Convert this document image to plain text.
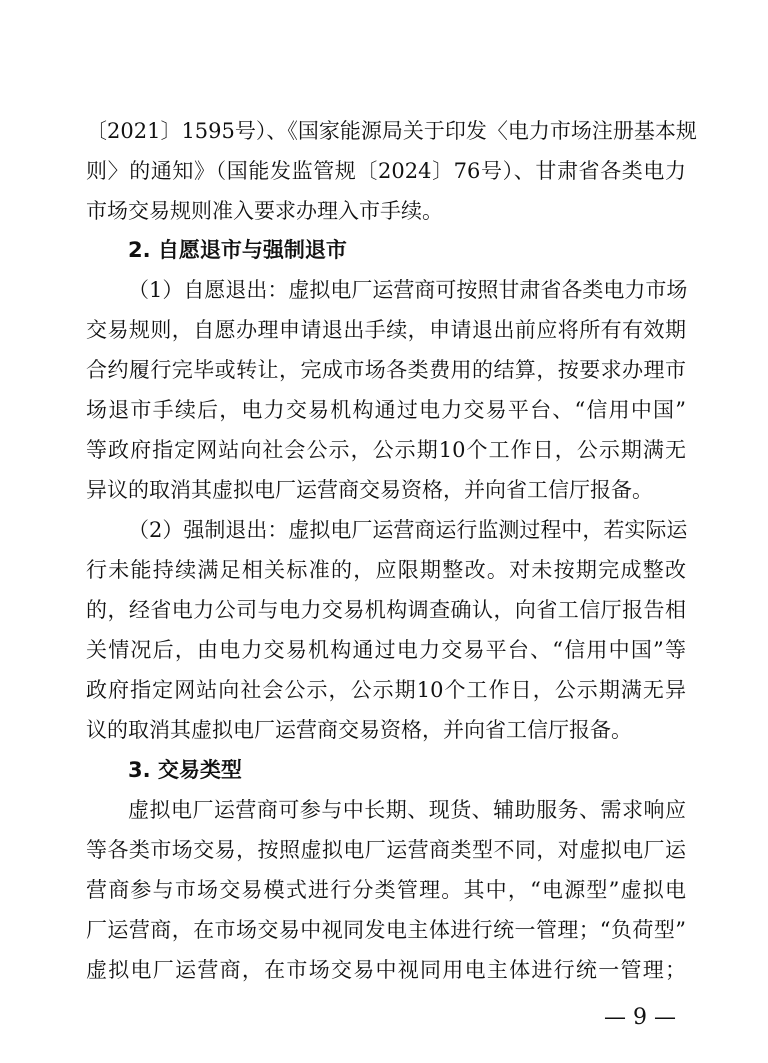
〔2021〕1595号）、《国家能源局关于印发〈电力市场注册基本规
则〉的通知》（国能发监管规〔2024〕76号）、甘肃省各类电力
市场交易规则准入要求办理入市手续。
2. 自愿退市与强制退市
（1）自愿退出：虚拟电厂运营商可按照甘肃省各类电力市场
交易规则，自愿办理申请退出手续，申请退出前应将所有有效期
合约履行完毕或转让，完成市场各类费用的结算，按要求办理市
场退市手续后，电力交易机构通过电力交易平台、“信用中国”
等政府指定网站向社会公示，公示期10个工作日，公示期满无
异议的取消其虚拟电厂运营商交易资格，并向省工信厅报备。
（2）强制退出：虚拟电厂运营商运行监测过程中，若实际运
行未能持续满足相关标准的，应限期整改。对未按期完成整改
的，经省电力公司与电力交易机构调查确认，向省工信厅报告相
关情况后，由电力交易机构通过电力交易平台、“信用中国”等
政府指定网站向社会公示，公示期10个工作日，公示期满无异
议的取消其虚拟电厂运营商交易资格，并向省工信厅报备。
3. 交易类型
虚拟电厂运营商可参与中长期、现货、辅助服务、需求响应
等各类市场交易，按照虚拟电厂运营商类型不同，对虚拟电厂运
营商参与市场交易模式进行分类管理。其中，“电源型”虚拟电
厂运营商，在市场交易中视同发电主体进行统一管理；“负荷型”
虚拟电厂运营商，在市场交易中视同用电主体进行统一管理；
— 9 —
